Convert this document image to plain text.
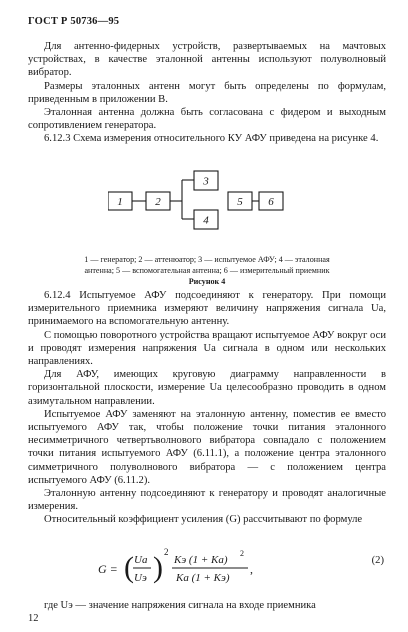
ГОСТ Р 50736—95

Для антенно-фидерных устройств, развертываемых на мачтовых устройствах, в качестве эталонной антенны используют полуволновый вибратор.

Размеры эталонных антенн могут быть определены по формулам, приведенным в приложении В.

Эталонная антенна должна быть согласована с фидером и выходным сопротивлением генератора.

6.12.3 Схема измерения относительного КУ АФУ приведена на рисунке 4.

1	2
3
4
5 6
1 — генератор; 2 — аттенюатор; 3 — испытуемое АФУ; 4 — эталонная
антенна; 5 — вспомогательная антенна; 6 — измерительный приемник
Рисунок 4

6.12.4 Испытуемое АФУ подсоединяют к генератору. При помощи измерительного приемника измеряют величину напряжения сигнала Uа, принимаемого на вспомогательную антенну.

С помощью поворотного устройства вращают испытуемое АФУ вокруг оси и проводят измерения напряжения Uа сигнала в одном или нескольких направлениях.

Для АФУ, имеющих круговую диаграмму направленности в горизонтальной плоскости, измерение Uа целесообразно проводить в одном азимутальном направлении.

Испытуемое АФУ заменяют на эталонную антенну, поместив ее вместо испытуемого АФУ так, чтобы положение точки питания эталонного несимметричного четвертьволнового вибратора совпадало с положением точки питания испытуемого АФУ (6.11.1), а положение центра эталонного симметричного полуволнового вибратора — с положением центра испытуемого АФУ (6.11.2).

Эталонную антенну подсоединяют к генератору и проводят аналогичные измерения.

Относительный коэффициент усиления (G) рассчитывают по формуле

G = ( Uа
Uэ ) 2
Kэ (1 + Kа)
2
Kа (1 + Kэ)
,
(2)

где Uэ — значение напряжения сигнала на входе приемника

12
